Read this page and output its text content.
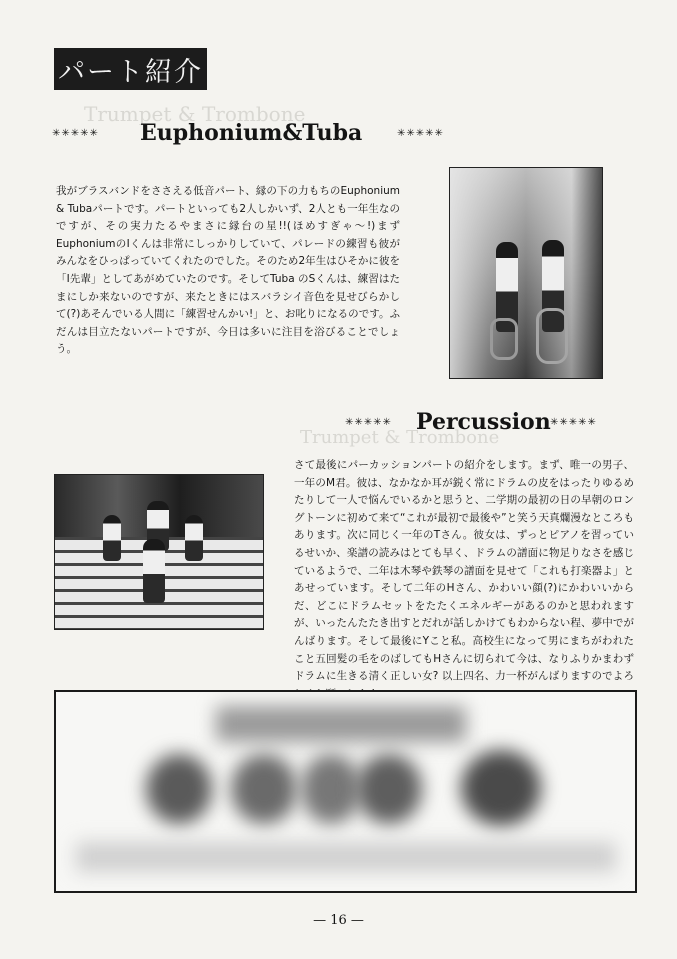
パート紹介
Trumpet & Trombone
Trumpet & Trombone
✳✳✳✳✳ Euphonium&Tuba	✳✳✳✳✳
我がブラスバンドをささえる低音パート、縁の下の力もちのEuphonium & Tubaパートです。パートといっても2人しかいず、2人とも一年生なのですが、その実力たるやまさに縁台の星!!(ほめすぎゃ～!)まずEuphoniumのIくんは非常にしっかりしていて、パレードの練習も彼がみんなをひっぱっていてくれたのでした。そのため2年生はひそかに彼を「I先輩」としてあがめていたのです。そしてTuba のSくんは、練習はたまにしか来ないのですが、来たときにはスバラシイ音色を見せびらかして(?)あそんでいる人間に「練習せんかい!」と、お叱りになるのです。ふだんは目立たないパートですが、今日は多いに注目を浴びることでしょう。
✳✳✳✳✳ Percussion ✳✳✳✳✳
さて最後にパーカッションパートの紹介をします。まず、唯一の男子、一年のM君。彼は、なかなか耳が鋭く常にドラムの皮をはったりゆるめたりして一人で悩んでいるかと思うと、二学期の最初の日の早朝のロングトーンに初めて来て“これが最初で最後や”と笑う天真爛漫なところもあります。次に同じく一年のTさん。彼女は、ずっとピアノを習っているせいか、楽譜の読みはとても早く、ドラムの譜面に物足りなさを感じているようで、二年は木琴や鉄琴の譜面を見せて「これも打楽器よ」とあせっています。そして二年のHさん、かわいい顔(?)にかわいいからだ、どこにドラムセットをたたくエネルギーがあるのかと思われますが、いったんたたき出すとだれが話しかけてもわからない程、夢中でがんばります。そして最後にYこと私。高校生になって男にまちがわれたこと五回髪の毛をのばしてもHさんに切られて今は、なりふりかまわずドラムに生きる清く正しい女? 以上四名、力一杯がんばりますのでよろ
— 16 —
